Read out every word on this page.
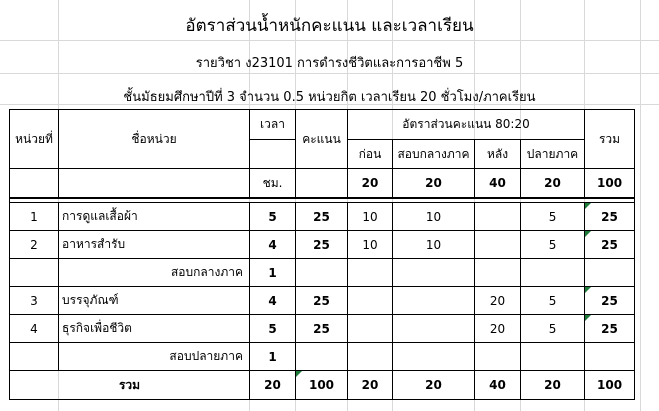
อัตราส่วนน้ำหนักคะแนน และเวลาเรียน
รายวิชา ง23101 การดำรงชีวิตและการอาชีพ 5
ชั้นมัธยมศึกษาปีที่ 3 จำนวน 0.5 หน่วยกิต เวลาเรียน 20 ชั่วโมง/ภาคเรียน
หน่วยที่	ชื่อหน่วย	เวลา	คะแนน	อัตราส่วนคะแนน 80:20				รวม
				ก่อน	สอบกลางภาค	หลัง	ปลายภาค	
		ชม.		20	20	40	20	100

1	การดูแลเสื้อผ้า	5	25	10	10		5	25
2	อาหารสำรับ	4	25	10	10		5	25
	สอบกลางภาค	1						
3	บรรจุภัณฑ์	4	25			20	5	25
4	ธุรกิจเพื่อชีวิต	5	25			20	5	25
	สอบปลายภาค	1						
รวม		20	100	20	20	40	20	100
